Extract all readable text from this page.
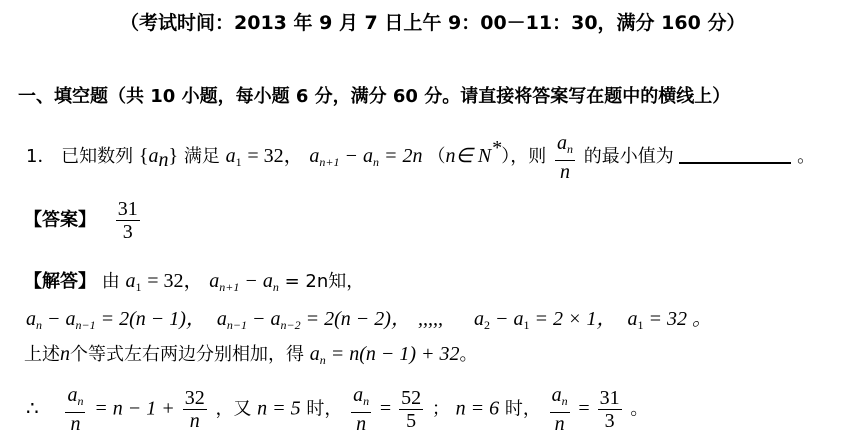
（考试时间：2013 年 9 月 7 日上午 9：00－11：30，满分 160 分）
一、填空题（共 10 小题，每小题 6 分，满分 60 分。请直接将答案写在题中的横线上）
1． 已知数列 $\{a_n\}$ 满足 $a_1 = 32$， $a_{n+1} - a_n = 2n$ （n∈ N*），则 $\frac{a_n}{n}$ 的最小值为	。
【答案】 $\frac{31}{3}$
【解答】 由 $a_1 = 32$， $a_{n+1} - a_n = 2n$知，
$a_n - a_{n-1} = 2(n - 1)$， $a_{n-1} - a_{n-2} = 2(n - 2)$， ,,,,, $a_2 - a_1 = 2 \times 1$， $a_1 = 32$ 。
上述n个等式左右两边分别相加，得 $a_n = n(n - 1) + 32$。
∴ $\frac{a_n}{n} = n - 1 + \frac{32}{n}$ ，又 n = 5 时， $\frac{a_n}{n} = \frac{52}{5}$ ； n = 6 时， $\frac{a_n}{n} = \frac{31}{3}$ 。
